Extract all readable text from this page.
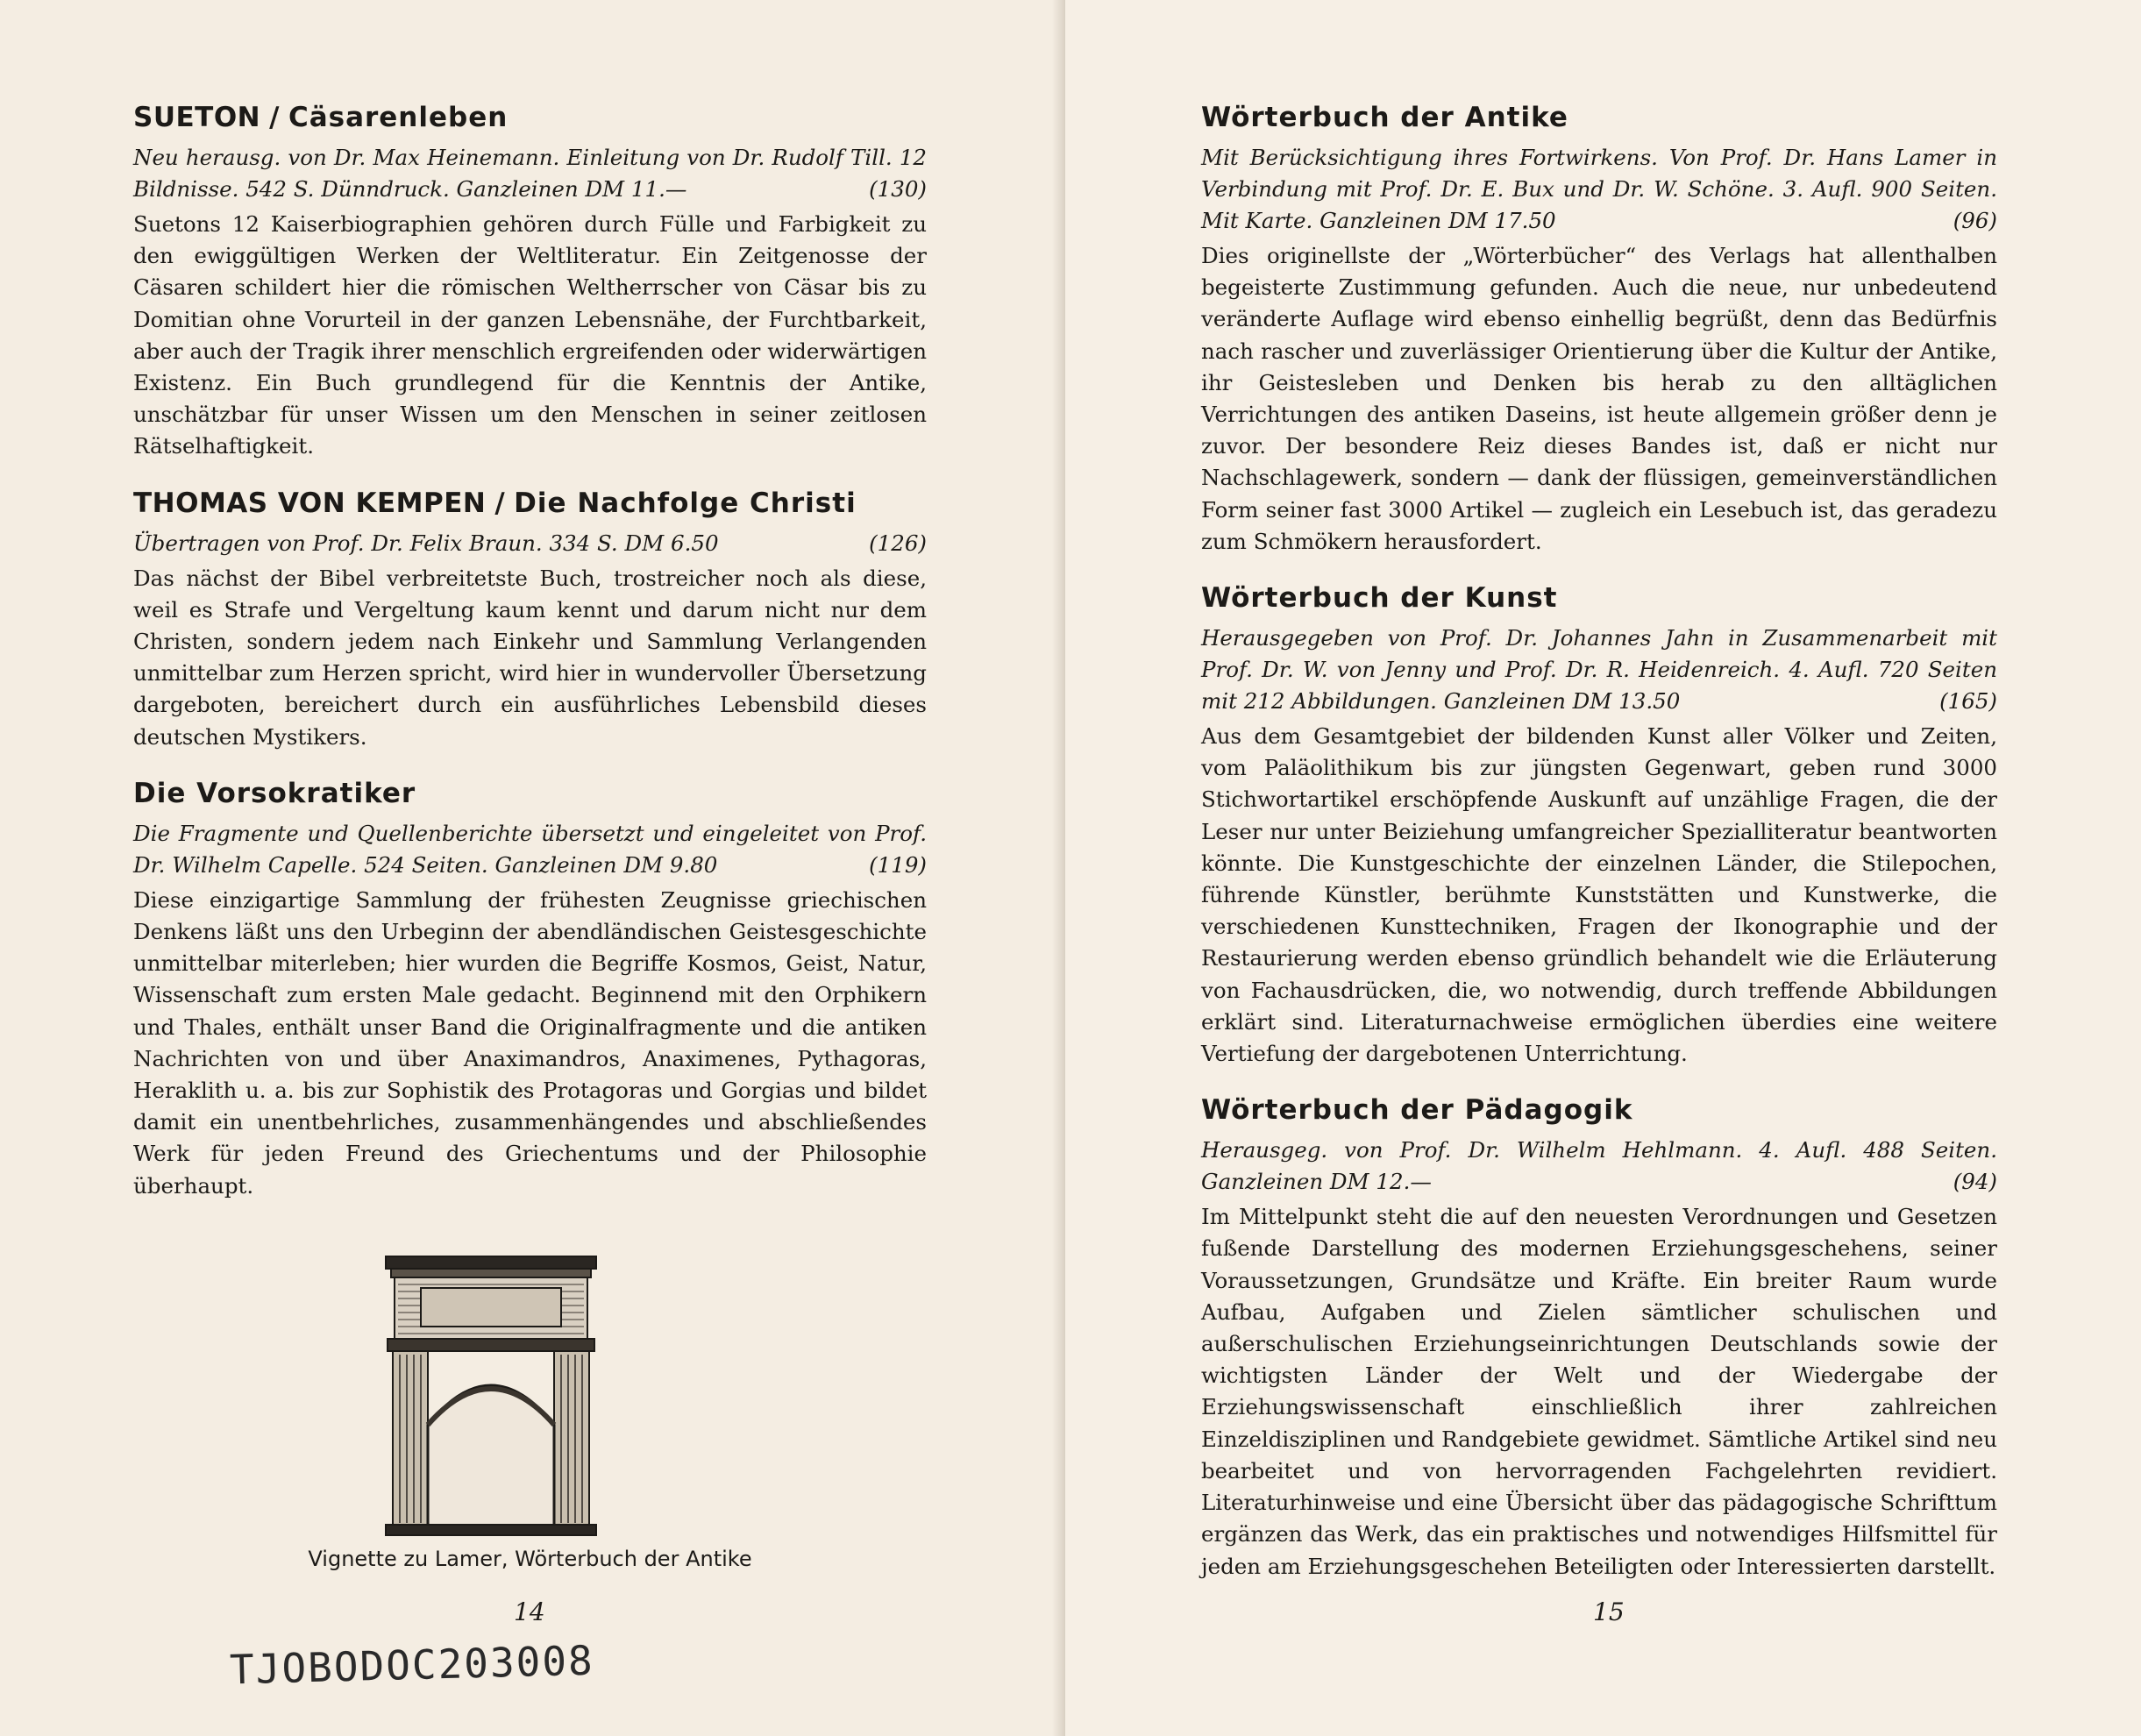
SUETON / Cäsarenleben

Neu herausg. von Dr. Max Heinemann. Einleitung von Dr. Rudolf Till. 12 Bildnisse. 542 S. Dünndruck. Ganzleinen DM 11.—	(130)

Suetons 12 Kaiserbiographien gehören durch Fülle und Farbigkeit zu den ewiggültigen Werken der Weltliteratur. Ein Zeitgenosse der Cäsaren schildert hier die römischen Weltherrscher von Cäsar bis zu Domitian ohne Vorurteil in der ganzen Lebensnähe, der Furchtbarkeit, aber auch der Tragik ihrer menschlich ergreifenden oder widerwärtigen Existenz. Ein Buch grundlegend für die Kenntnis der Antike, unschätzbar für unser Wissen um den Menschen in seiner zeitlosen Rätselhaftigkeit.

THOMAS VON KEMPEN / Die Nachfolge Christi

Übertragen von Prof. Dr. Felix Braun. 334 S. DM 6.50	(126)

Das nächst der Bibel verbreitetste Buch, trostreicher noch als diese, weil es Strafe und Vergeltung kaum kennt und darum nicht nur dem Christen, sondern jedem nach Einkehr und Sammlung Verlangenden unmittelbar zum Herzen spricht, wird hier in wundervoller Übersetzung dargeboten, bereichert durch ein ausführliches Lebensbild dieses deutschen Mystikers.

Die Vorsokratiker

Die Fragmente und Quellenberichte übersetzt und eingeleitet von Prof. Dr. Wilhelm Capelle. 524 Seiten. Ganzleinen DM 9.80	(119)

Diese einzigartige Sammlung der frühesten Zeugnisse griechischen Denkens läßt uns den Urbeginn der abendländischen Geistesgeschichte unmittelbar miterleben; hier wurden die Begriffe Kosmos, Geist, Natur, Wissenschaft zum ersten Male gedacht. Beginnend mit den Orphikern und Thales, enthält unser Band die Originalfragmente und die antiken Nachrichten von und über Anaximandros, Anaximenes, Pythagoras, Heraklith u. a. bis zur Sophistik des Protagoras und Gorgias und bildet damit ein unentbehrliches, zusammenhängendes und abschließendes Werk für jeden Freund des Griechentums und der Philosophie überhaupt.

Vignette zu Lamer, Wörterbuch der Antike
14
TJOBODOC203008
Wörterbuch der Antike

Mit Berücksichtigung ihres Fortwirkens. Von Prof. Dr. Hans Lamer in Verbindung mit Prof. Dr. E. Bux und Dr. W. Schöne. 3. Aufl. 900 Seiten. Mit Karte. Ganzleinen DM 17.50	(96)

Dies originellste der „Wörterbücher“ des Verlags hat allenthalben begeisterte Zustimmung gefunden. Auch die neue, nur unbedeutend veränderte Auflage wird ebenso einhellig begrüßt, denn das Bedürfnis nach rascher und zuverlässiger Orientierung über die Kultur der Antike, ihr Geistesleben und Denken bis herab zu den alltäglichen Verrichtungen des antiken Daseins, ist heute allgemein größer denn je zuvor. Der besondere Reiz dieses Bandes ist, daß er nicht nur Nachschlagewerk, sondern — dank der flüssigen, gemeinverständlichen Form seiner fast 3000 Artikel — zugleich ein Lesebuch ist, das geradezu zum Schmökern herausfordert.

Wörterbuch der Kunst

Herausgegeben von Prof. Dr. Johannes Jahn in Zusammenarbeit mit Prof. Dr. W. von Jenny und Prof. Dr. R. Heidenreich. 4. Aufl. 720 Seiten mit 212 Abbildungen. Ganzleinen DM 13.50	(165)

Aus dem Gesamtgebiet der bildenden Kunst aller Völker und Zeiten, vom Paläolithikum bis zur jüngsten Gegenwart, geben rund 3000 Stichwortartikel erschöpfende Auskunft auf unzählige Fragen, die der Leser nur unter Beiziehung umfangreicher Spezialliteratur beantworten könnte. Die Kunstgeschichte der einzelnen Länder, die Stilepochen, führende Künstler, berühmte Kunststätten und Kunstwerke, die verschiedenen Kunsttechniken, Fragen der Ikonographie und der Restaurierung werden ebenso gründlich behandelt wie die Erläuterung von Fachausdrücken, die, wo notwendig, durch treffende Abbildungen erklärt sind. Literaturnachweise ermöglichen überdies eine weitere Vertiefung der dargebotenen Unterrichtung.

Wörterbuch der Pädagogik

Herausgeg. von Prof. Dr. Wilhelm Hehlmann. 4. Aufl. 488 Seiten. Ganzleinen DM 12.—	(94)

Im Mittelpunkt steht die auf den neuesten Verordnungen und Gesetzen fußende Darstellung des modernen Erziehungsgeschehens, seiner Voraussetzungen, Grundsätze und Kräfte. Ein breiter Raum wurde Aufbau, Aufgaben und Zielen sämtlicher schulischen und außerschulischen Erziehungseinrichtungen Deutschlands sowie der wichtigsten Länder der Welt und der Wiedergabe der Erziehungswissenschaft einschließlich ihrer zahlreichen Einzeldisziplinen und Randgebiete gewidmet. Sämtliche Artikel sind neu bearbeitet und von hervorragenden Fachgelehrten revidiert. Literaturhinweise und eine Übersicht über das pädagogische Schrifttum ergänzen das Werk, das ein praktisches und notwendiges Hilfsmittel für jeden am Erziehungsgeschehen Beteiligten oder Interessierten darstellt.

15
